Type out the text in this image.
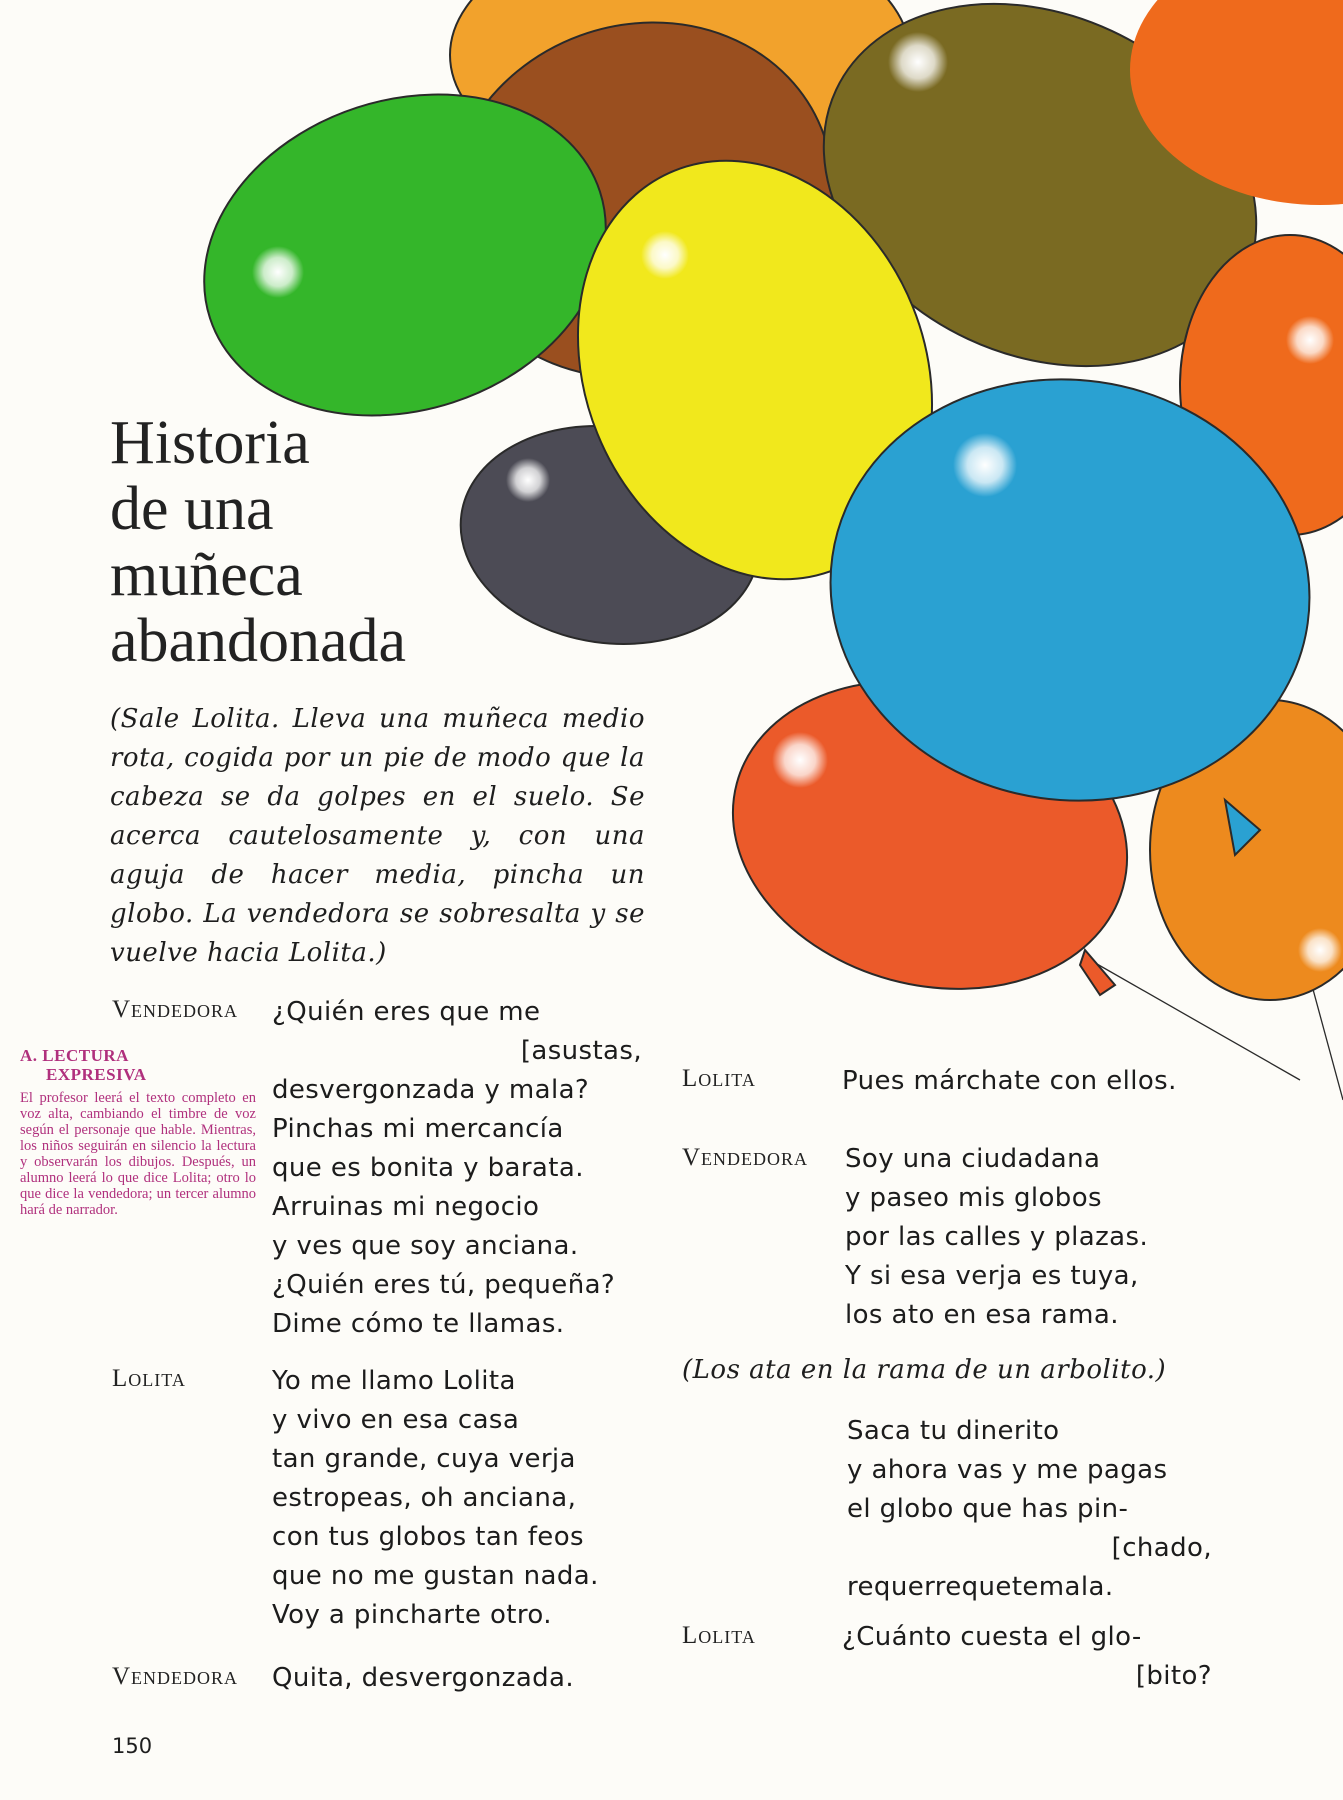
Historia
de una
muñeca
abandonada

(Sale Lolita. Lleva una muñeca medio rota, cogida por un pie de modo que la cabeza se da golpes en el suelo. Se acerca cautelosamente y, con una aguja de hacer media, pincha un globo. La vendedora se sobresalta y se vuelve hacia Lolita.)

Vendedora ¿Quién eres que me
[asustas,
desvergonzada y mala?
Pinchas mi mercancía
que es bonita y barata.
Arruinas mi negocio
y ves que soy anciana.
¿Quién eres tú, pequeña?
Dime cómo te llamas.
A. LECTURA
EXPRESIVA
El profesor leerá el texto completo en voz alta, cambiando el timbre de voz según el personaje que hable. Mientras, los niños seguirán en silencio la lectura y observarán los dibujos. Después, un alumno leerá lo que dice Lolita; otro lo que dice la vendedora; un tercer alumno hará de narrador.
Lolita	Yo me llamo Lolita
y vivo en esa casa
tan grande, cuya verja
estropeas, oh anciana,
con tus globos tan feos
que no me gustan nada.
Voy a pincharte otro.
Vendedora Quita, desvergonzada.
Lolita	Pues márchate con ellos.
Vendedora Soy una ciudadana
y paseo mis globos
por las calles y plazas.
Y si esa verja es tuya,
los ato en esa rama.
(Los ata en la rama de un arbolito.)
Saca tu dinerito
y ahora vas y me pagas
el globo que has pin-
[chado,
requerrequetemala.
Lolita	¿Cuánto cuesta el glo-
[bito?
150
